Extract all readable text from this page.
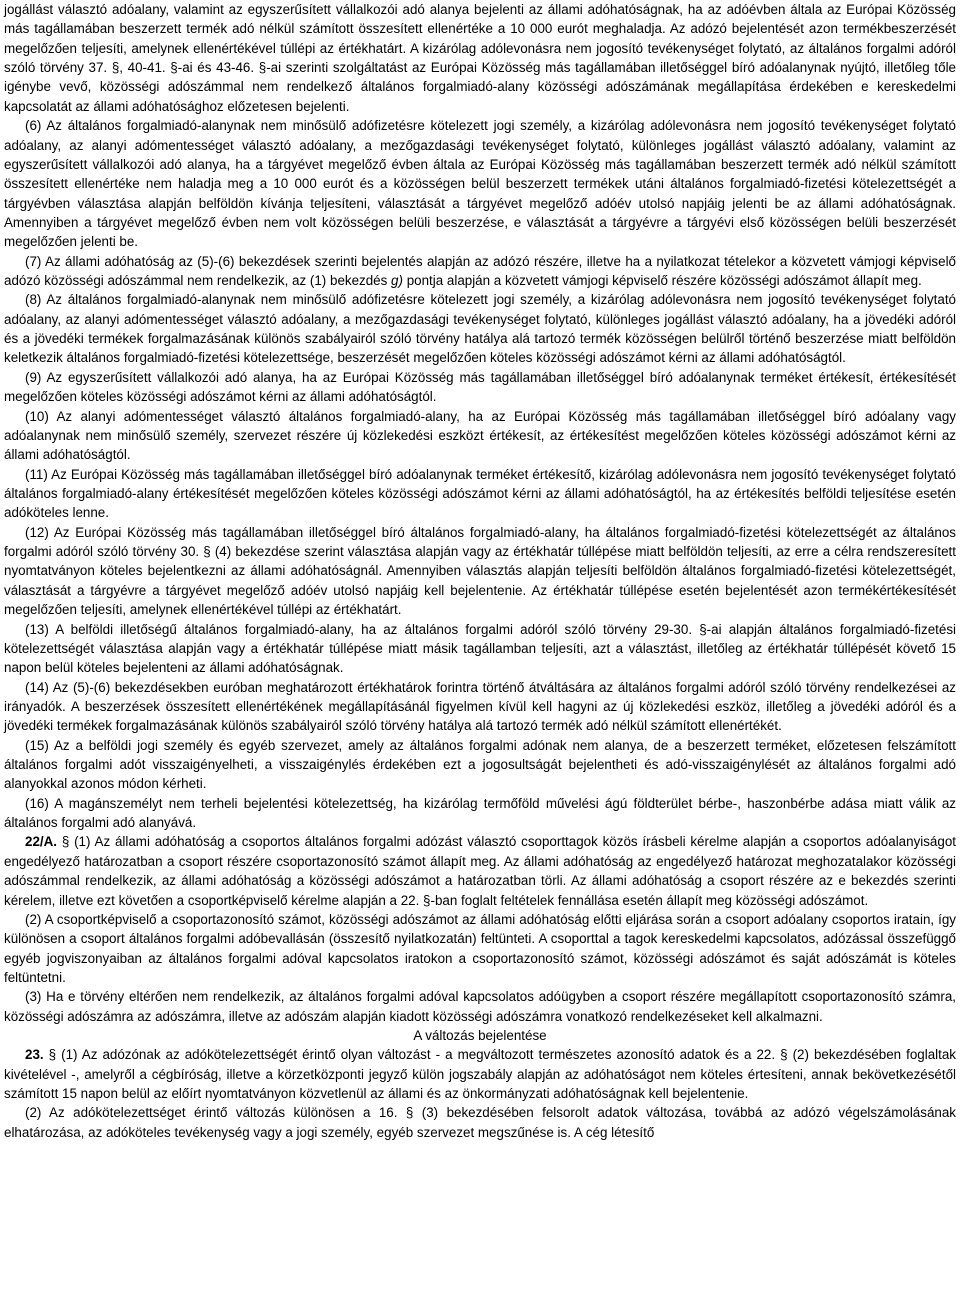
jogállást választó adóalany, valamint az egyszerűsített vállalkozói adó alanya bejelenti az állami adóhatóságnak, ha az adóévben általa az Európai Közösség más tagállamában beszerzett termék adó nélkül számított összesített ellenértéke a 10 000 eurót meghaladja. Az adózó bejelentését azon termékbeszerzését megelőzően teljesíti, amelynek ellenértékével túllépi az értékhatárt. A kizárólag adólevonásra nem jogosító tevékenységet folytató, az általános forgalmi adóról szóló törvény 37. §, 40-41. §-ai és 43-46. §-ai szerinti szolgáltatást az Európai Közösség más tagállamában illetőséggel bíró adóalanynak nyújtó, illetőleg tőle igénybe vevő, közösségi adószámmal nem rendelkező általános forgalmiadó-alany közösségi adószámának megállapítása érdekében e kereskedelmi kapcsolatát az állami adóhatósághoz előzetesen bejelenti.

(6) Az általános forgalmiadó-alanynak nem minősülő adófizetésre kötelezett jogi személy, a kizárólag adólevonásra nem jogosító tevékenységet folytató adóalany, az alanyi adómentességet választó adóalany, a mezőgazdasági tevékenységet folytató, különleges jogállást választó adóalany, valamint az egyszerűsített vállalkozói adó alanya, ha a tárgyévet megelőző évben általa az Európai Közösség más tagállamában beszerzett termék adó nélkül számított összesített ellenértéke nem haladja meg a 10 000 eurót és a közösségen belül beszerzett termékek utáni általános forgalmiadó-fizetési kötelezettségét a tárgyévben választása alapján belföldön kívánja teljesíteni, választását a tárgyévet megelőző adóév utolsó napjáig jelenti be az állami adóhatóságnak. Amennyiben a tárgyévet megelőző évben nem volt közösségen belüli beszerzése, e választását a tárgyévre a tárgyévi első közösségen belüli beszerzését megelőzően jelenti be.

(7) Az állami adóhatóság az (5)-(6) bekezdések szerinti bejelentés alapján az adózó részére, illetve ha a nyilatkozat tételekor a közvetett vámjogi képviselő adózó közösségi adószámmal nem rendelkezik, az (1) bekezdés g) pontja alapján a közvetett vámjogi képviselő részére közösségi adószámot állapít meg.

(8) Az általános forgalmiadó-alanynak nem minősülő adófizetésre kötelezett jogi személy, a kizárólag adólevonásra nem jogosító tevékenységet folytató adóalany, az alanyi adómentességet választó adóalany, a mezőgazdasági tevékenységet folytató, különleges jogállást választó adóalany, ha a jövedéki adóról és a jövedéki termékek forgalmazásának különös szabályairól szóló törvény hatálya alá tartozó termék közösségen belülről történő beszerzése miatt belföldön keletkezik általános forgalmiadó-fizetési kötelezettsége, beszerzését megelőzően köteles közösségi adószámot kérni az állami adóhatóságtól.

(9) Az egyszerűsített vállalkozói adó alanya, ha az Európai Közösség más tagállamában illetőséggel bíró adóalanynak terméket értékesít, értékesítését megelőzően köteles közösségi adószámot kérni az állami adóhatóságtól.

(10) Az alanyi adómentességet választó általános forgalmiadó-alany, ha az Európai Közösség más tagállamában illetőséggel bíró adóalany vagy adóalanynak nem minősülő személy, szervezet részére új közlekedési eszközt értékesít, az értékesítést megelőzően köteles közösségi adószámot kérni az állami adóhatóságtól.

(11) Az Európai Közösség más tagállamában illetőséggel bíró adóalanynak terméket értékesítő, kizárólag adólevonásra nem jogosító tevékenységet folytató általános forgalmiadó-alany értékesítését megelőzően köteles közösségi adószámot kérni az állami adóhatóságtól, ha az értékesítés belföldi teljesítése esetén adóköteles lenne.

(12) Az Európai Közösség más tagállamában illetőséggel bíró általános forgalmiadó-alany, ha általános forgalmiadó-fizetési kötelezettségét az általános forgalmi adóról szóló törvény 30. § (4) bekezdése szerint választása alapján vagy az értékhatár túllépése miatt belföldön teljesíti, az erre a célra rendszeresített nyomtatványon köteles bejelentkezni az állami adóhatóságnál. Amennyiben választás alapján teljesíti belföldön általános forgalmiadó-fizetési kötelezettségét, választását a tárgyévre a tárgyévet megelőző adóév utolsó napjáig kell bejelentenie. Az értékhatár túllépése esetén bejelentését azon termékértékesítését megelőzően teljesíti, amelynek ellenértékével túllépi az értékhatárt.

(13) A belföldi illetőségű általános forgalmiadó-alany, ha az általános forgalmi adóról szóló törvény 29-30. §-ai alapján általános forgalmiadó-fizetési kötelezettségét választása alapján vagy a értékhatár túllépése miatt másik tagállamban teljesíti, azt a választást, illetőleg az értékhatár túllépését követő 15 napon belül köteles bejelenteni az állami adóhatóságnak.

(14) Az (5)-(6) bekezdésekben euróban meghatározott értékhatárok forintra történő átváltására az általános forgalmi adóról szóló törvény rendelkezései az irányadók. A beszerzések összesített ellenértékének megállapításánál figyelmen kívül kell hagyni az új közlekedési eszköz, illetőleg a jövedéki adóról és a jövedéki termékek forgalmazásának különös szabályairól szóló törvény hatálya alá tartozó termék adó nélkül számított ellenértékét.

(15) Az a belföldi jogi személy és egyéb szervezet, amely az általános forgalmi adónak nem alanya, de a beszerzett terméket, előzetesen felszámított általános forgalmi adót visszaigényelheti, a visszaigénylés érdekében ezt a jogosultságát bejelentheti és adó-visszaigénylését az általános forgalmi adó alanyokkal azonos módon kérheti.

(16) A magánszemélyt nem terheli bejelentési kötelezettség, ha kizárólag termőföld művelési ágú földterület bérbe-, haszonbérbe adása miatt válik az általános forgalmi adó alanyává.

22/A. § (1) Az állami adóhatóság a csoportos általános forgalmi adózást választó csoporttagok közös írásbeli kérelme alapján a csoportos adóalanyiságot engedélyező határozatban a csoport részére csoportazonosító számot állapít meg. Az állami adóhatóság az engedélyező határozat meghozatalakor közösségi adószámmal rendelkezik, az állami adóhatóság a közösségi adószámot a határozatban törli. Az állami adóhatóság a csoport részére az e bekezdés szerinti kérelem, illetve ezt követően a csoportképviselő kérelme alapján a 22. §-ban foglalt feltételek fennállása esetén állapít meg közösségi adószámot.

(2) A csoportképviselő a csoportazonosító számot, közösségi adószámot az állami adóhatóság előtti eljárása során a csoport adóalany csoportos iratain, így különösen a csoport általános forgalmi adóbevallásán (összesítő nyilatkozatán) feltünteti. A csoporttal a tagok kereskedelmi kapcsolatos, adózással összefüggő egyéb jogviszonyaiban az általános forgalmi adóval kapcsolatos iratokon a csoportazonosító számot, közösségi adószámot és saját adószámát is köteles feltüntetni.

(3) Ha e törvény eltérően nem rendelkezik, az általános forgalmi adóval kapcsolatos adóügyben a csoport részére megállapított csoportazonosító számra, közösségi adószámra az adószámra, illetve az adószám alapján kiadott közösségi adószámra vonatkozó rendelkezéseket kell alkalmazni.

A változás bejelentése

23. § (1) Az adózónak az adókötelezettségét érintő olyan változást - a megváltozott természetes azonosító adatok és a 22. § (2) bekezdésében foglaltak kivételével -, amelyről a cégbíróság, illetve a körzetközponti jegyző külön jogszabály alapján az adóhatóságot nem köteles értesíteni, annak bekövetkezésétől számított 15 napon belül az előírt nyomtatványon közvetlenül az állami és az önkormányzati adóhatóságnak kell bejelentenie.

(2) Az adókötelezettséget érintő változás különösen a 16. § (3) bekezdésében felsorolt adatok változása, továbbá az adózó végelszámolásának elhatározása, az adóköteles tevékenység vagy a jogi személy, egyéb szervezet megszűnése is. A cég létesítő
